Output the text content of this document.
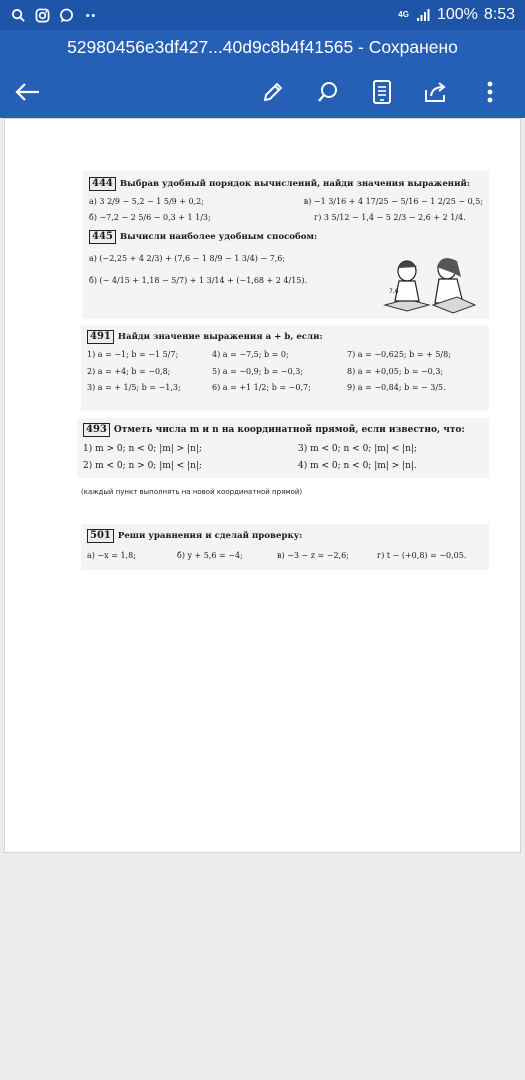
4G 100% 8:53
52980456e3df427...40d9c8b4f41565 - Сохранено
444 Выбрав удобный порядок вычислений, найди значения выражений:
а) 3 2/9 − 5,2 − 1 5/9 + 0,2;	в) −1 3/16 + 4 17/25 − 5/16 − 1 2/25 − 0,5;
б) −7,2 − 2 5/6 − 0,3 + 1 1/3;	г) 3 5/12 − 1,4 − 5 2/3 − 2,6 + 2 1/4.
445 Вычисли наиболее удобным способом:
а) (−2,25 + 4 2/3) + (7,6 − 1 8/9 − 1 3/4) − 7,6;
б) (− 4/15 + 1,18 − 5/7) + 1 3/14 + (−1,68 + 2 4/15).
7,6
491 Найди значение выражения a + b, если:
1) a = −1; b = −1 5/7;	4) a = −7,5; b = 0;	7) a = −0,625; b = + 5/8;
2) a = +4; b = −0,8;	5) a = −0,9; b = −0,3;	8) a = +0,05; b = −0,3;
3) a = + 1/5; b = −1,3;	6) a = +1 1/2; b = −0,7;	9) a = −0,84; b = − 3/5.
493 Отметь числа m и n на координатной прямой, если известно, что:
1) m > 0; n < 0; |m| > |n|;	3) m < 0; n < 0; |m| < |n|;
2) m < 0; n > 0; |m| < |n|;	4) m < 0; n < 0; |m| > |n|.
(каждый пункт выполнять на новой координатной прямой)
501 Реши уравнения и сделай проверку:
а) −x = 1,8;	б) y + 5,6 = −4;	в) −3 − z = −2,6;	г) t − (+0,8) = −0,05.
